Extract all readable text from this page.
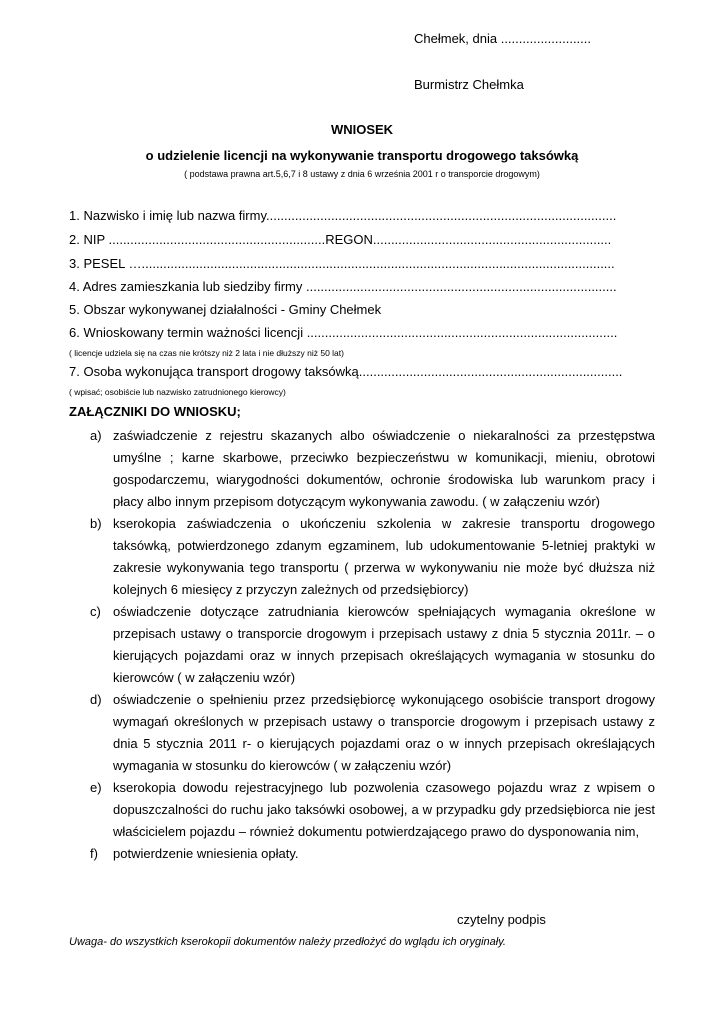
Chełmek, dnia .........................
Burmistrz Chełmka
WNIOSEK
o udzielenie licencji na wykonywanie transportu drogowego taksówką
( podstawa prawna art.5,6,7 i 8 ustawy z dnia 6 września 2001 r o transporcie drogowym)
1. Nazwisko i imię lub nazwa firmy.................................................................................................
2. NIP ............................................................REGON..................................................................
3. PESEL …...................................................................................................................................
4. Adres zamieszkania lub siedziby firmy ......................................................................................
5. Obszar wykonywanej działalności - Gminy Chełmek
6. Wnioskowany termin ważności licencji ......................................................................................
( licencje udziela się na czas nie krótszy niż 2 lata i nie dłuższy niż 50 lat)
7. Osoba wykonująca transport drogowy taksówką.........................................................................
( wpisać; osobiście lub nazwisko zatrudnionego kierowcy)
ZAŁĄCZNIKI DO WNIOSKU;
a) zaświadczenie z rejestru skazanych albo oświadczenie o niekaralności za przestępstwa umyślne ; karne skarbowe, przeciwko bezpieczeństwu w komunikacji, mieniu, obrotowi gospodarczemu, wiarygodności dokumentów, ochronie środowiska lub warunkom pracy i płacy albo innym przepisom dotyczącym wykonywania zawodu. ( w załączeniu wzór)
b) kserokopia zaświadczenia o ukończeniu szkolenia w zakresie transportu drogowego taksówką, potwierdzonego zdanym egzaminem, lub udokumentowanie 5-letniej praktyki w zakresie wykonywania tego transportu ( przerwa w wykonywaniu nie może być dłuższa niż kolejnych 6 miesięcy z przyczyn zależnych od przedsiębiorcy)
c) oświadczenie dotyczące zatrudniania kierowców spełniających wymagania określone w przepisach ustawy o transporcie drogowym i przepisach ustawy z dnia 5 stycznia 2011r. – o kierujących pojazdami oraz w innych przepisach określających wymagania w stosunku do kierowców ( w załączeniu wzór)
d) oświadczenie o spełnieniu przez przedsiębiorcę wykonującego osobiście transport drogowy wymagań określonych w przepisach ustawy o transporcie drogowym i przepisach ustawy z dnia 5 stycznia 2011 r- o kierujących pojazdami oraz o w innych przepisach określających wymagania w stosunku do kierowców ( w załączeniu wzór)
e) kserokopia dowodu rejestracyjnego lub pozwolenia czasowego pojazdu wraz z wpisem o dopuszczalności do ruchu jako taksówki osobowej, a w przypadku gdy przedsiębiorca nie jest właścicielem pojazdu – również dokumentu potwierdzającego prawo do dysponowania nim,
f) potwierdzenie wniesienia opłaty.
czytelny podpis
Uwaga- do wszystkich kserokopii dokumentów należy przedłożyć do wglądu ich oryginały.
